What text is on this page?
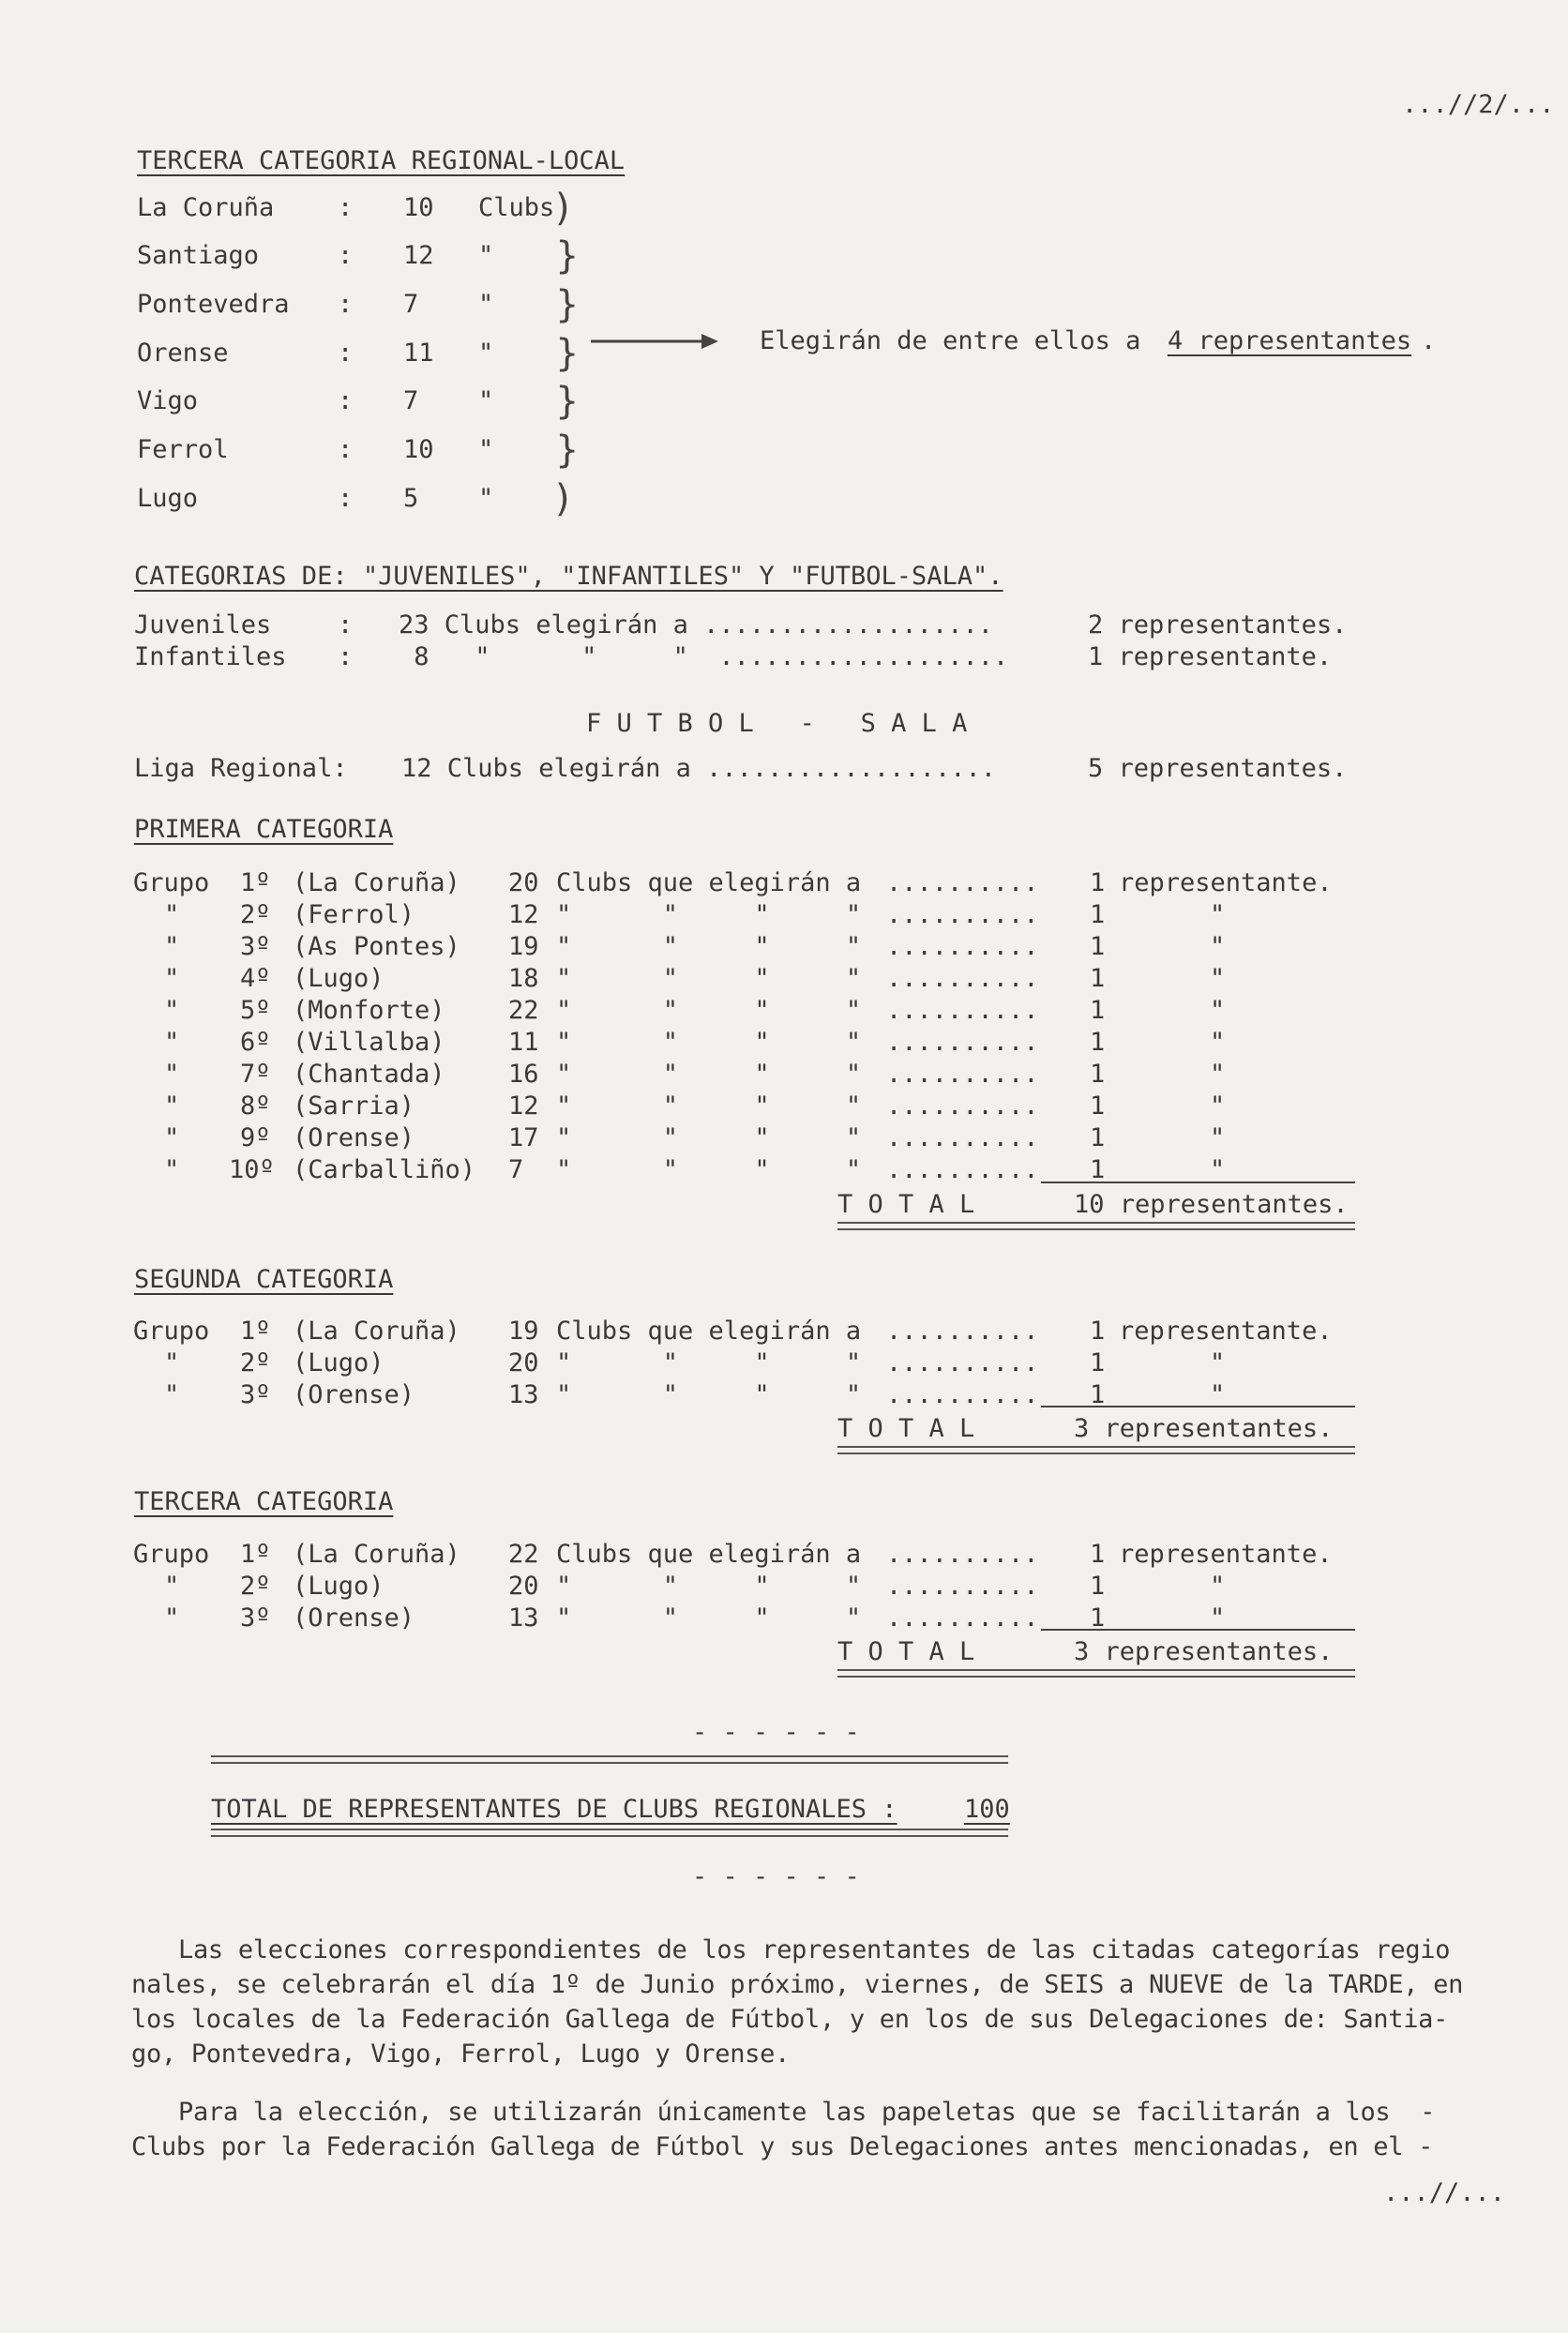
...//2/...
TERCERA CATEGORIA REGIONAL-LOCAL
La Coruña	: 10 Clubs )
Santiago	: 12 " }
Pontevedra : 7 " }
Orense	: 11 " }
Vigo	: 7 " }
Ferrol	: 10 " }
Lugo	: 5 " )
Elegirán de entre ellos a 4 representantes .
CATEGORIAS DE: "JUVENILES", "INFANTILES" Y "FUTBOL-SALA".
Juveniles	: 23 Clubs elegirán a ...................	2 representantes.
Infantiles : 8   "      "     "  ...................	1 representante.
F U T B O L   -   S A L A
Liga Regional: 12 Clubs elegirán a ...................	5 representantes.
PRIMERA CATEGORIA
Grupo 1º (La Coruña) 20 Clubs que elegirán a .......... 1 representante.
" 2º (Ferrol)	12 "      "     "     " .......... 1	"
" 3º (As Pontes) 19 "      "     "     " .......... 1	"
" 4º (Lugo)	18 "      "     "     " .......... 1	"
" 5º (Monforte) 22 "      "     "     " .......... 1	"
" 6º (Villalba) 11 "      "     "     " .......... 1	"
" 7º (Chantada) 16 "      "     "     " .......... 1	"
" 8º (Sarria)	12 "      "     "     " .......... 1	"
" 9º (Orense)	17 "      "     "     " .......... 1	"
" 10º (Carballiño) 7 "      "     "     " .......... 1	"
T O T A L	10 representantes.
SEGUNDA CATEGORIA
Grupo 1º (La Coruña) 19 Clubs que elegirán a .......... 1 representante.
" 2º (Lugo)	20 "      "     "     " .......... 1	"
" 3º (Orense)	13 "      "     "     " .......... 1	"
T O T A L	3 representantes.
TERCERA CATEGORIA
Grupo 1º (La Coruña) 22 Clubs que elegirán a .......... 1 representante.
" 2º (Lugo)	20 "      "     "     " .......... 1	"
" 3º (Orense)	13 "      "     "     " .......... 1	"
T O T A L	3 representantes.
- - - - - -
TOTAL DE REPRESENTANTES DE CLUBS REGIONALES :	100
- - - - - -
Las elecciones correspondientes de los representantes de las citadas categorías regio
nales, se celebrarán el día 1º de Junio próximo, viernes, de SEIS a NUEVE de la TARDE, en
los locales de la Federación Gallega de Fútbol, y en los de sus Delegaciones de: Santia-
go, Pontevedra, Vigo, Ferrol, Lugo y Orense.
Para la elección, se utilizarán únicamente las papeletas que se facilitarán a los  -
Clubs por la Federación Gallega de Fútbol y sus Delegaciones antes mencionadas, en el -
...//...
